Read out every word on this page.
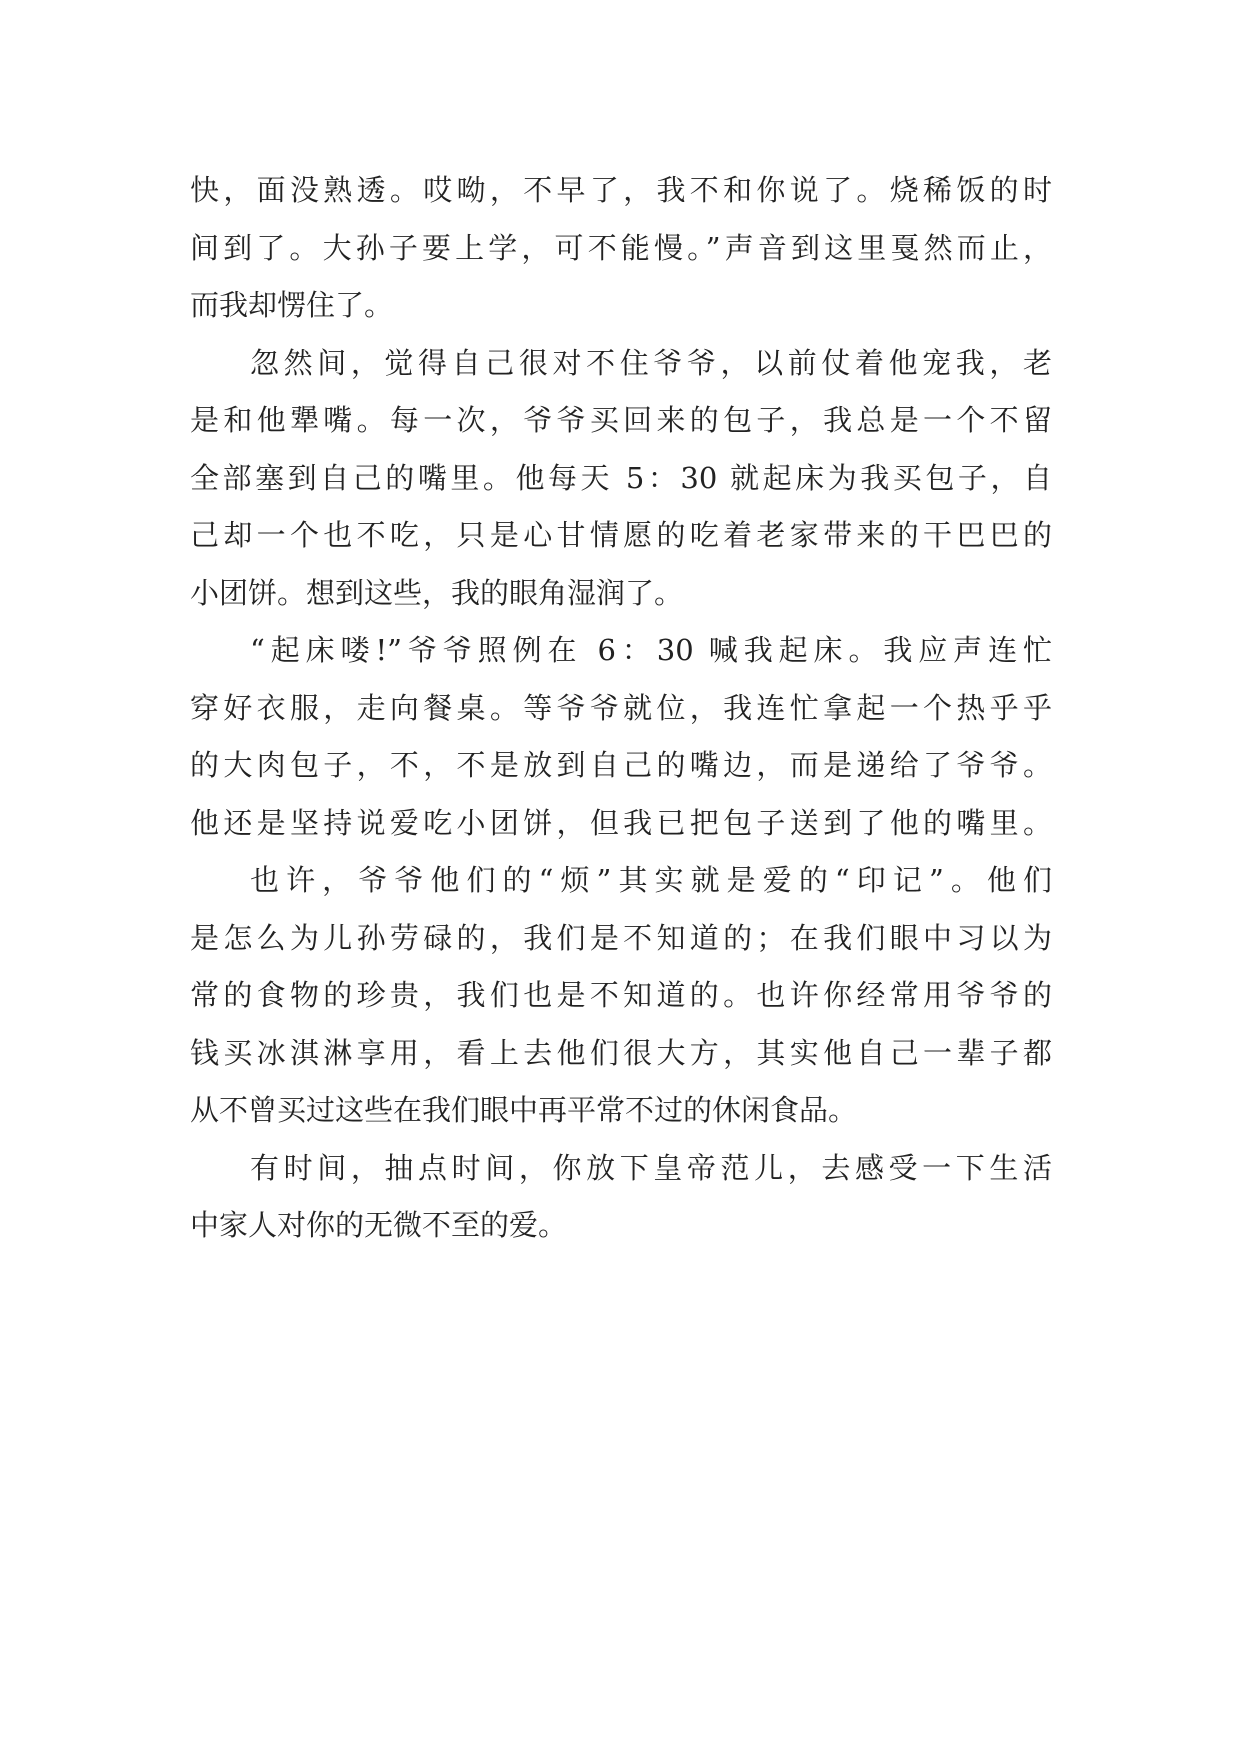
快，面没熟透。哎呦，不早了，我不和你说了。烧稀饭的时
间到了。大孙子要上学，可不能慢。”声音到这里戛然而止，
而我却愣住了。
忽然间，觉得自己很对不住爷爷，以前仗着他宠我，老
是和他犟嘴。每一次，爷爷买回来的包子，我总是一个不留
全部塞到自己的嘴里。他每天 5：30 就起床为我买包子，自
己却一个也不吃，只是心甘情愿的吃着老家带来的干巴巴的
小团饼。想到这些，我的眼角湿润了。
“起床喽!”爷爷照例在 6：30 喊我起床。我应声连忙
穿好衣服，走向餐桌。等爷爷就位，我连忙拿起一个热乎乎
的大肉包子，不，不是放到自己的嘴边，而是递给了爷爷。
他还是坚持说爱吃小团饼，但我已把包子送到了他的嘴里。
也许，爷爷他们的“烦”其实就是爱的“印记”。他们
是怎么为儿孙劳碌的，我们是不知道的；在我们眼中习以为
常的食物的珍贵，我们也是不知道的。也许你经常用爷爷的
钱买冰淇淋享用，看上去他们很大方，其实他自己一辈子都
从不曾买过这些在我们眼中再平常不过的休闲食品。
有时间，抽点时间，你放下皇帝范儿，去感受一下生活
中家人对你的无微不至的爱。
